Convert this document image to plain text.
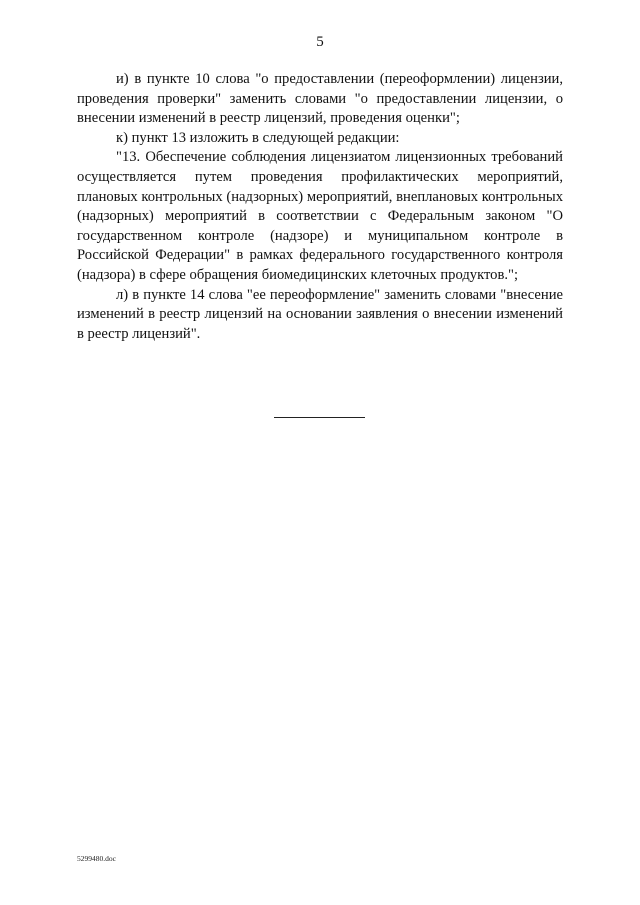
5

и) в пункте 10 слова "о предоставлении (переоформлении) лицензии, проведения проверки" заменить словами "о предоставлении лицензии, о внесении изменений в реестр лицензий, проведения оценки";

к) пункт 13 изложить в следующей редакции:

"13. Обеспечение соблюдения лицензиатом лицензионных требований осуществляется путем проведения профилактических мероприятий, плановых контрольных (надзорных) мероприятий, внеплановых контрольных (надзорных) мероприятий в соответствии с Федеральным законом "О государственном контроле (надзоре) и муниципальном контроле в Российской Федерации" в рамках федерального государственного контроля (надзора) в сфере обращения биомедицинских клеточных продуктов.";

л) в пункте 14 слова "ее переоформление" заменить словами "внесение изменений в реестр лицензий на основании заявления о внесении изменений в реестр лицензий".

5299480.doc
